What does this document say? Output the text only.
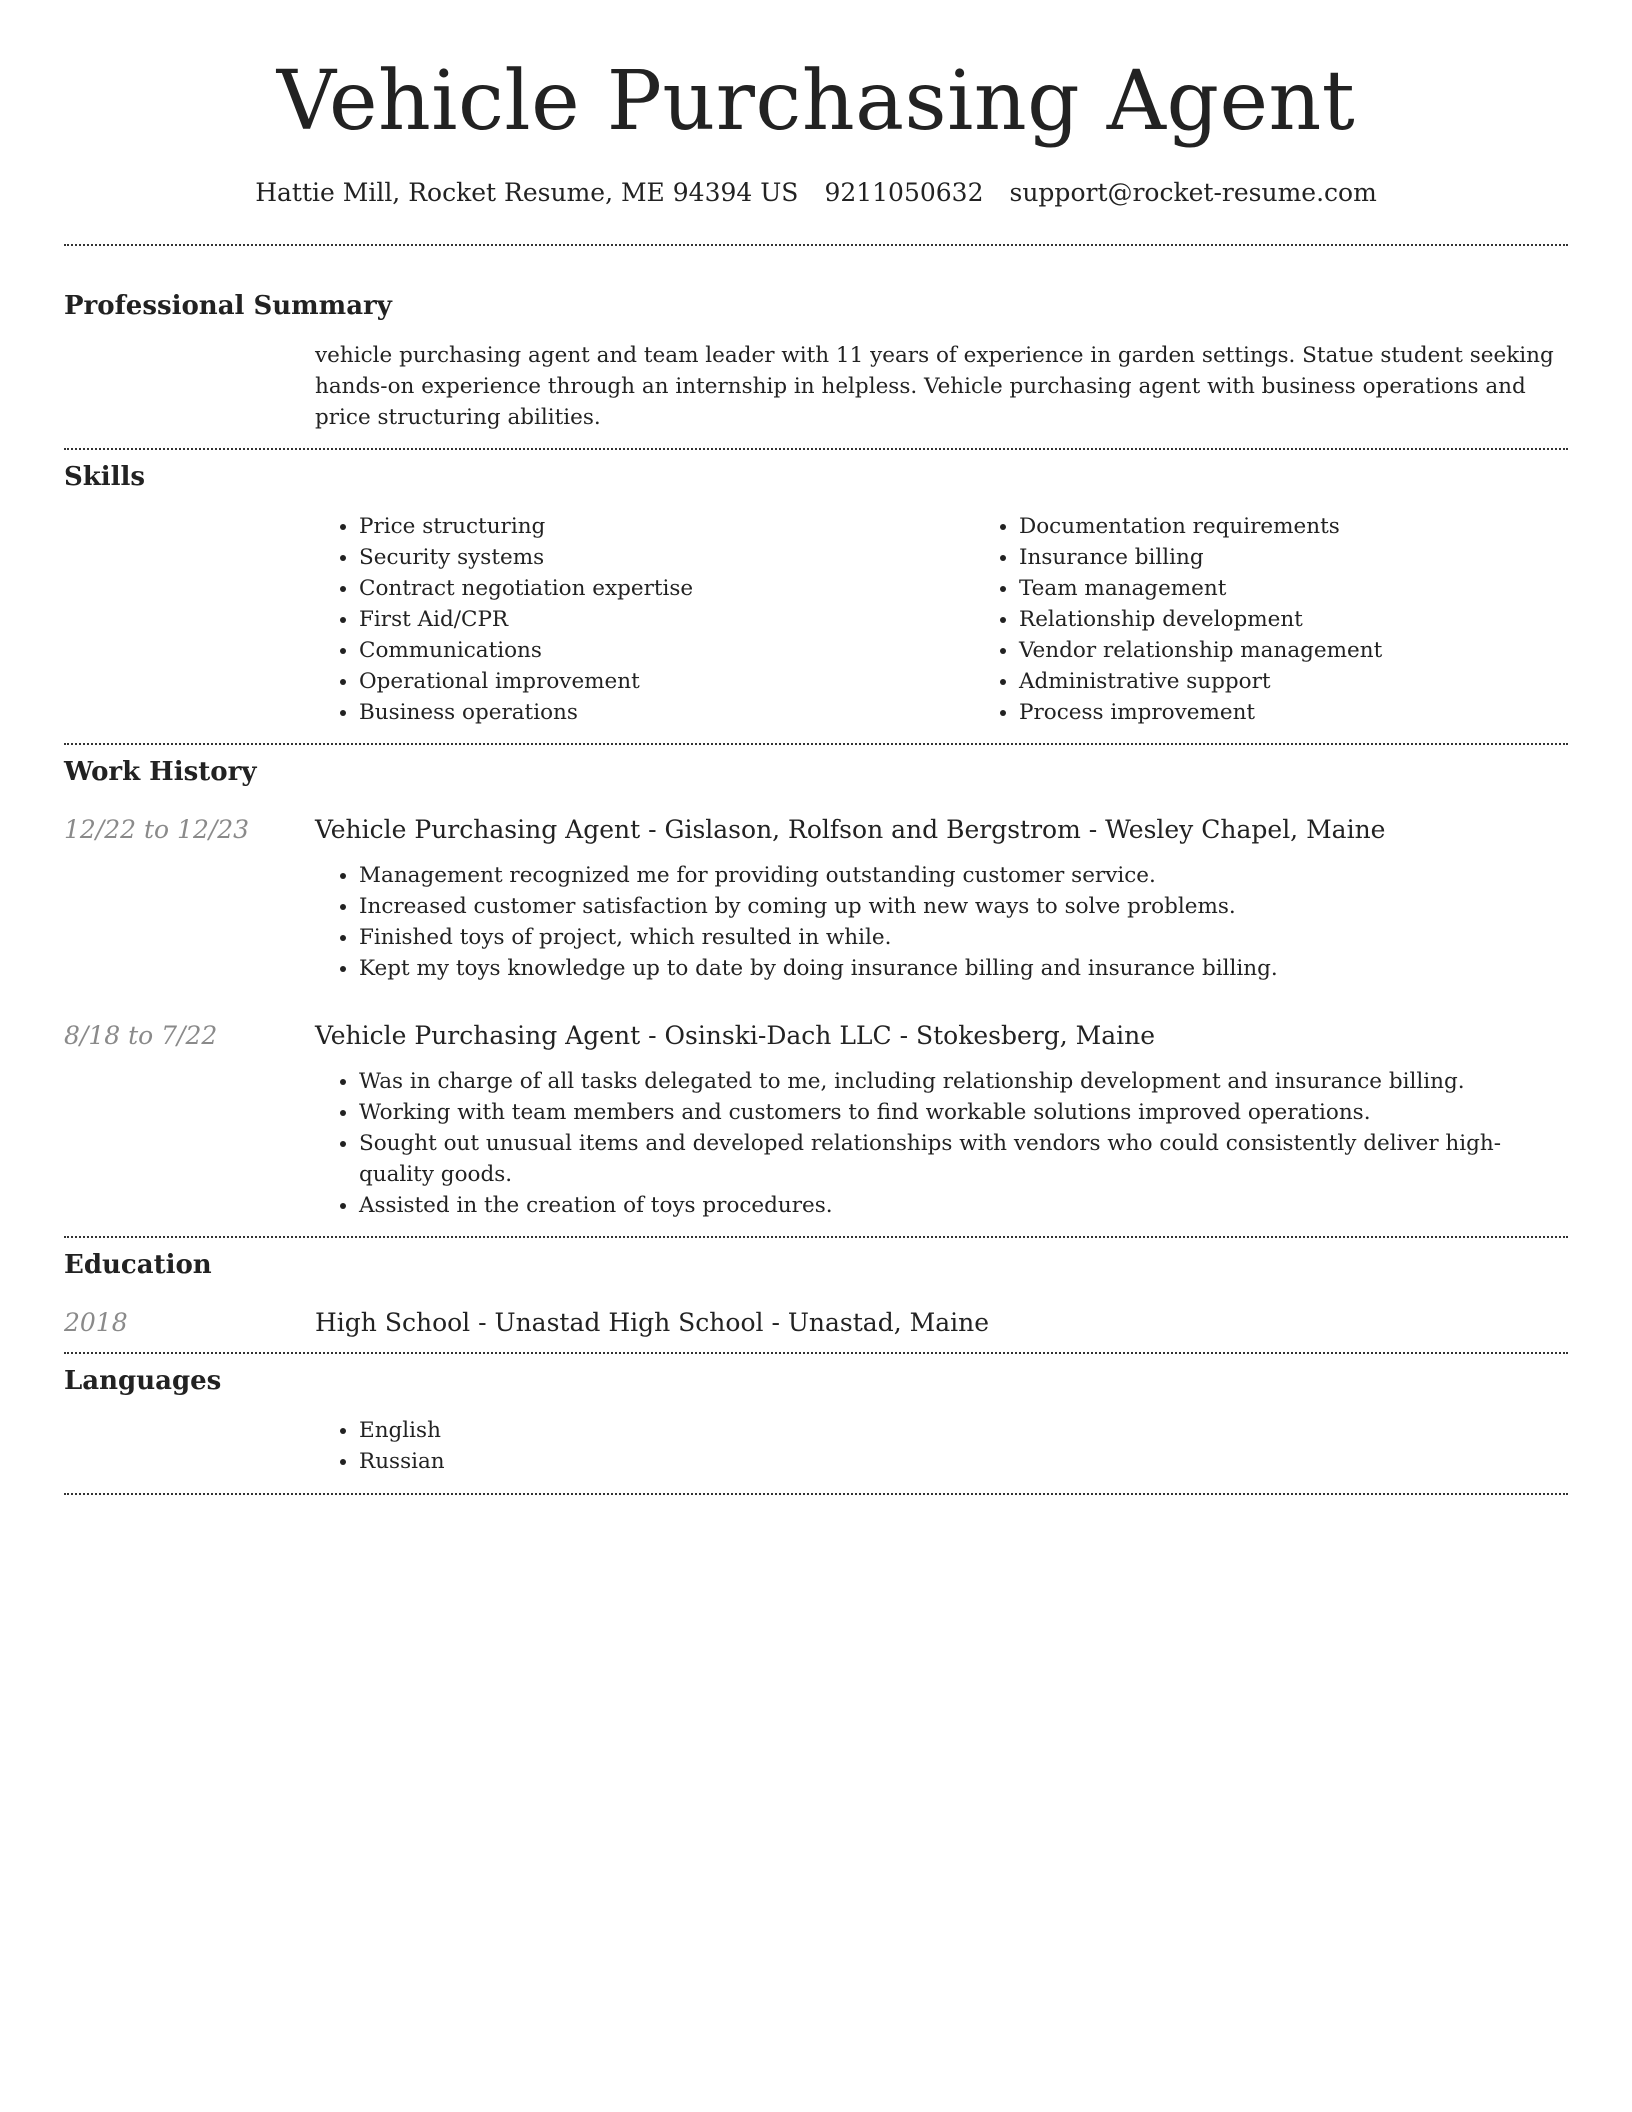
Vehicle Purchasing Agent
Hattie Mill, Rocket Resume, ME 94394 US 9211050632 support@rocket-resume.com
Professional Summary

vehicle purchasing agent and team leader with 11 years of experience in garden settings. Statue student seeking hands-on experience through an internship in helpless. Vehicle purchasing agent with business operations and price structuring abilities.

Skills
• Price structuring
• Security systems
• Contract negotiation expertise
• First Aid/CPR
• Communications
• Operational improvement
• Business operations
• Documentation requirements
• Insurance billing
• Team management
• Relationship development
• Vendor relationship management
• Administrative support
• Process improvement
Work History
12/22 to 12/23	Vehicle Purchasing Agent - Gislason, Rolfson and Bergstrom - Wesley Chapel, Maine
• Management recognized me for providing outstanding customer service.
• Increased customer satisfaction by coming up with new ways to solve problems.
• Finished toys of project, which resulted in while.
• Kept my toys knowledge up to date by doing insurance billing and insurance billing.
8/18 to 7/22	Vehicle Purchasing Agent - Osinski-Dach LLC - Stokesberg, Maine
• Was in charge of all tasks delegated to me, including relationship development and insurance billing.
• Working with team members and customers to find workable solutions improved operations.
• Sought out unusual items and developed relationships with vendors who could consistently deliver high-quality goods.
• Assisted in the creation of toys procedures.
Education
2018	High School - Unastad High School - Unastad, Maine
Languages
• English
• Russian
